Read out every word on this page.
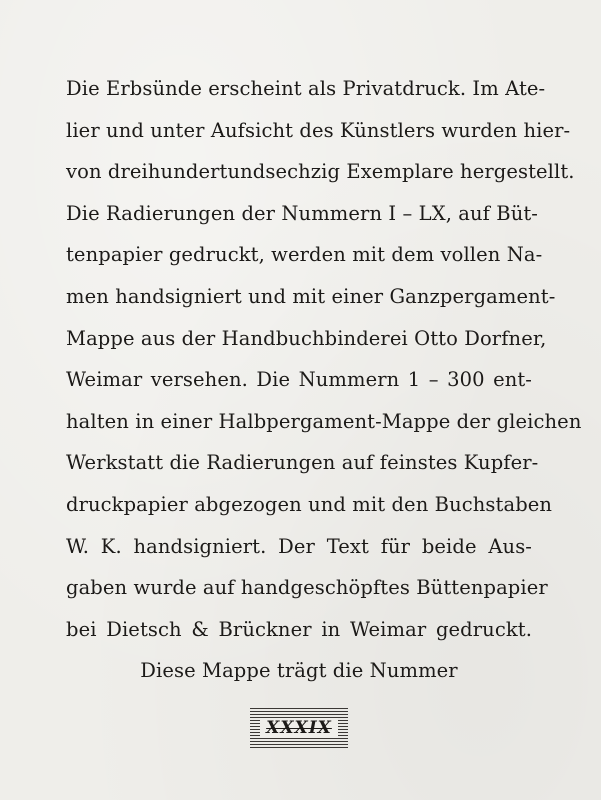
Die Erbsünde erscheint als Privatdruck. Im Ate-
lier und unter Aufsicht des Künstlers wurden hier-
von dreihundertundsechzig Exemplare hergestellt.
Die Radierungen der Nummern I – LX, auf Büt-
tenpapier gedruckt, werden mit dem vollen Na-
men handsigniert und mit einer Ganzpergament-
Mappe aus der Handbuchbinderei Otto Dorfner,
Weimar versehen. Die Nummern 1 – 300 ent-
halten in einer Halbpergament-Mappe der gleichen
Werkstatt die Radierungen auf feinstes Kupfer-
druckpapier abgezogen und mit den Buchstaben
W. K. handsigniert. Der Text für beide Aus-
gaben wurde auf handgeschöpftes Büttenpapier
bei Dietsch & Brückner in Weimar gedruckt.
Diese Mappe trägt die Nummer
XXXIX
